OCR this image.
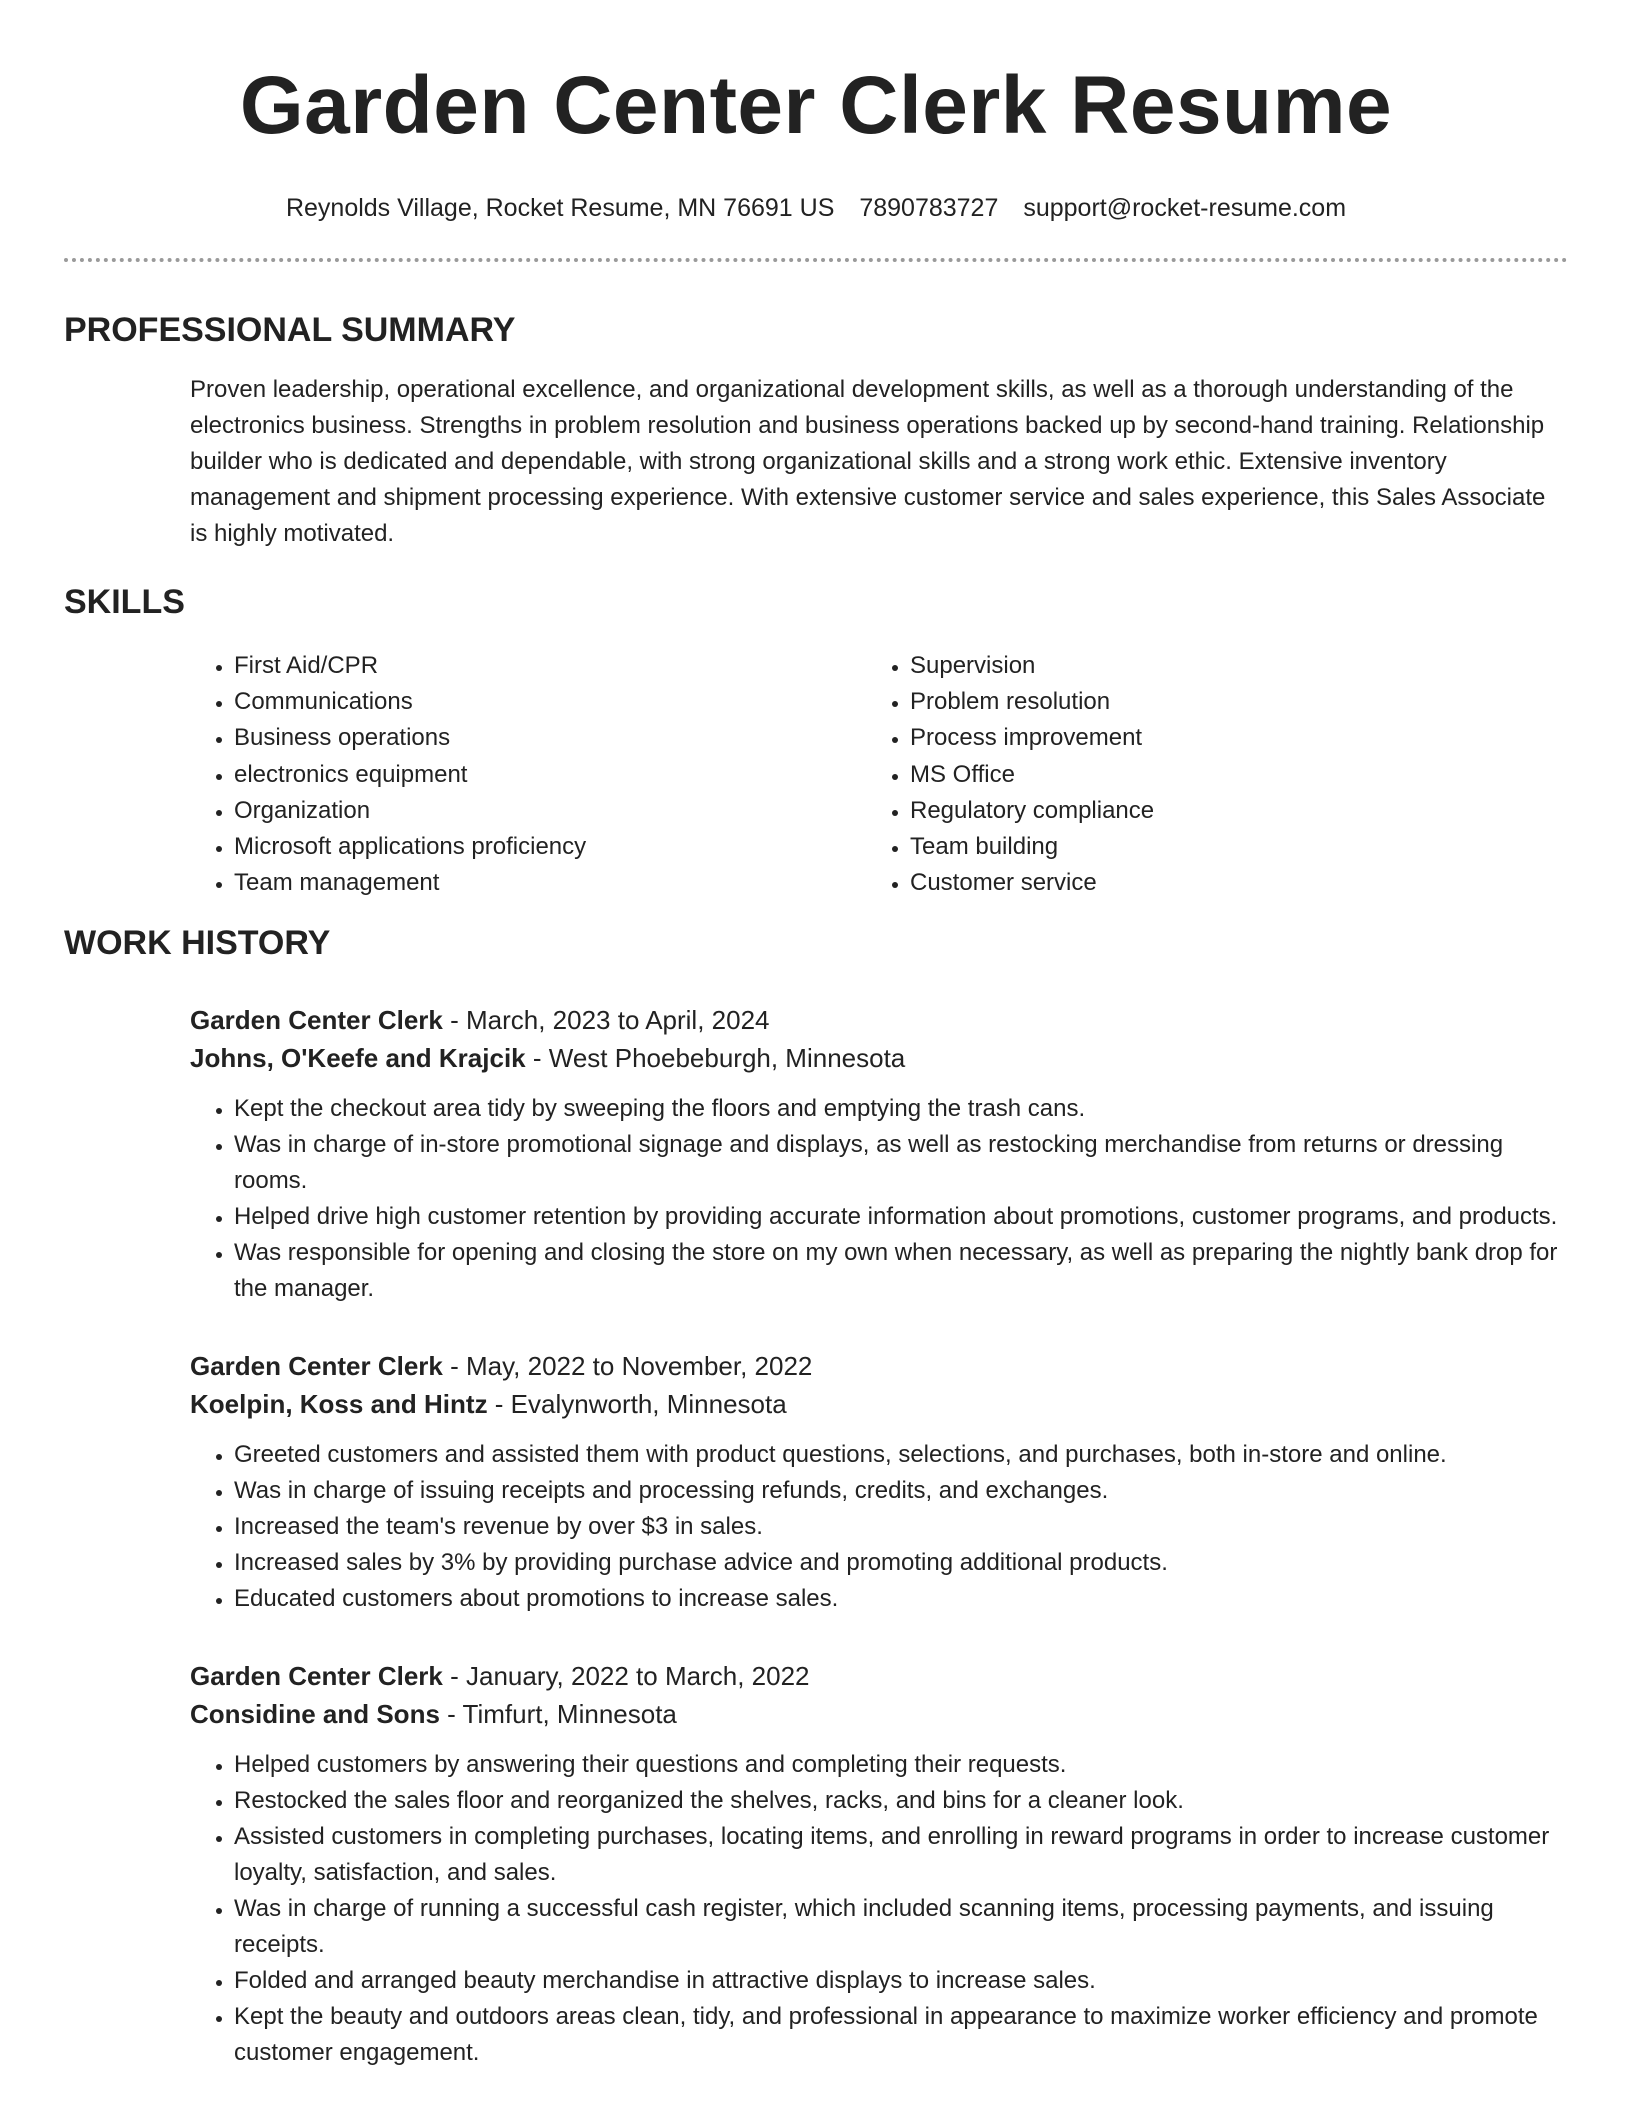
Garden Center Clerk Resume
Reynolds Village, Rocket Resume, MN 76691 US 7890783727 support@rocket-resume.com
PROFESSIONAL SUMMARY
Proven leadership, operational excellence, and organizational development skills, as well as a thorough understanding of the electronics business. Strengths in problem resolution and business operations backed up by second-hand training. Relationship builder who is dedicated and dependable, with strong organizational skills and a strong work ethic. Extensive inventory management and shipment processing experience. With extensive customer service and sales experience, this Sales Associate is highly motivated.
SKILLS
• First Aid/CPR
• Communications
• Business operations
• electronics equipment
• Organization
• Microsoft applications proficiency
• Team management
• Supervision
• Problem resolution
• Process improvement
• MS Office
• Regulatory compliance
• Team building
• Customer service
WORK HISTORY
Garden Center Clerk - March, 2023 to April, 2024
Johns, O'Keefe and Krajcik - West Phoebeburgh, Minnesota
• Kept the checkout area tidy by sweeping the floors and emptying the trash cans.
• Was in charge of in-store promotional signage and displays, as well as restocking merchandise from returns or dressing rooms.
• Helped drive high customer retention by providing accurate information about promotions, customer programs, and products.
• Was responsible for opening and closing the store on my own when necessary, as well as preparing the nightly bank drop for the manager.
Garden Center Clerk - May, 2022 to November, 2022
Koelpin, Koss and Hintz - Evalynworth, Minnesota
• Greeted customers and assisted them with product questions, selections, and purchases, both in-store and online.
• Was in charge of issuing receipts and processing refunds, credits, and exchanges.
• Increased the team's revenue by over $3 in sales.
• Increased sales by 3% by providing purchase advice and promoting additional products.
• Educated customers about promotions to increase sales.
Garden Center Clerk - January, 2022 to March, 2022
Considine and Sons - Timfurt, Minnesota
• Helped customers by answering their questions and completing their requests.
• Restocked the sales floor and reorganized the shelves, racks, and bins for a cleaner look.
• Assisted customers in completing purchases, locating items, and enrolling in reward programs in order to increase customer loyalty, satisfaction, and sales.
• Was in charge of running a successful cash register, which included scanning items, processing payments, and issuing receipts.
• Folded and arranged beauty merchandise in attractive displays to increase sales.
• Kept the beauty and outdoors areas clean, tidy, and professional in appearance to maximize worker efficiency and promote customer engagement.
